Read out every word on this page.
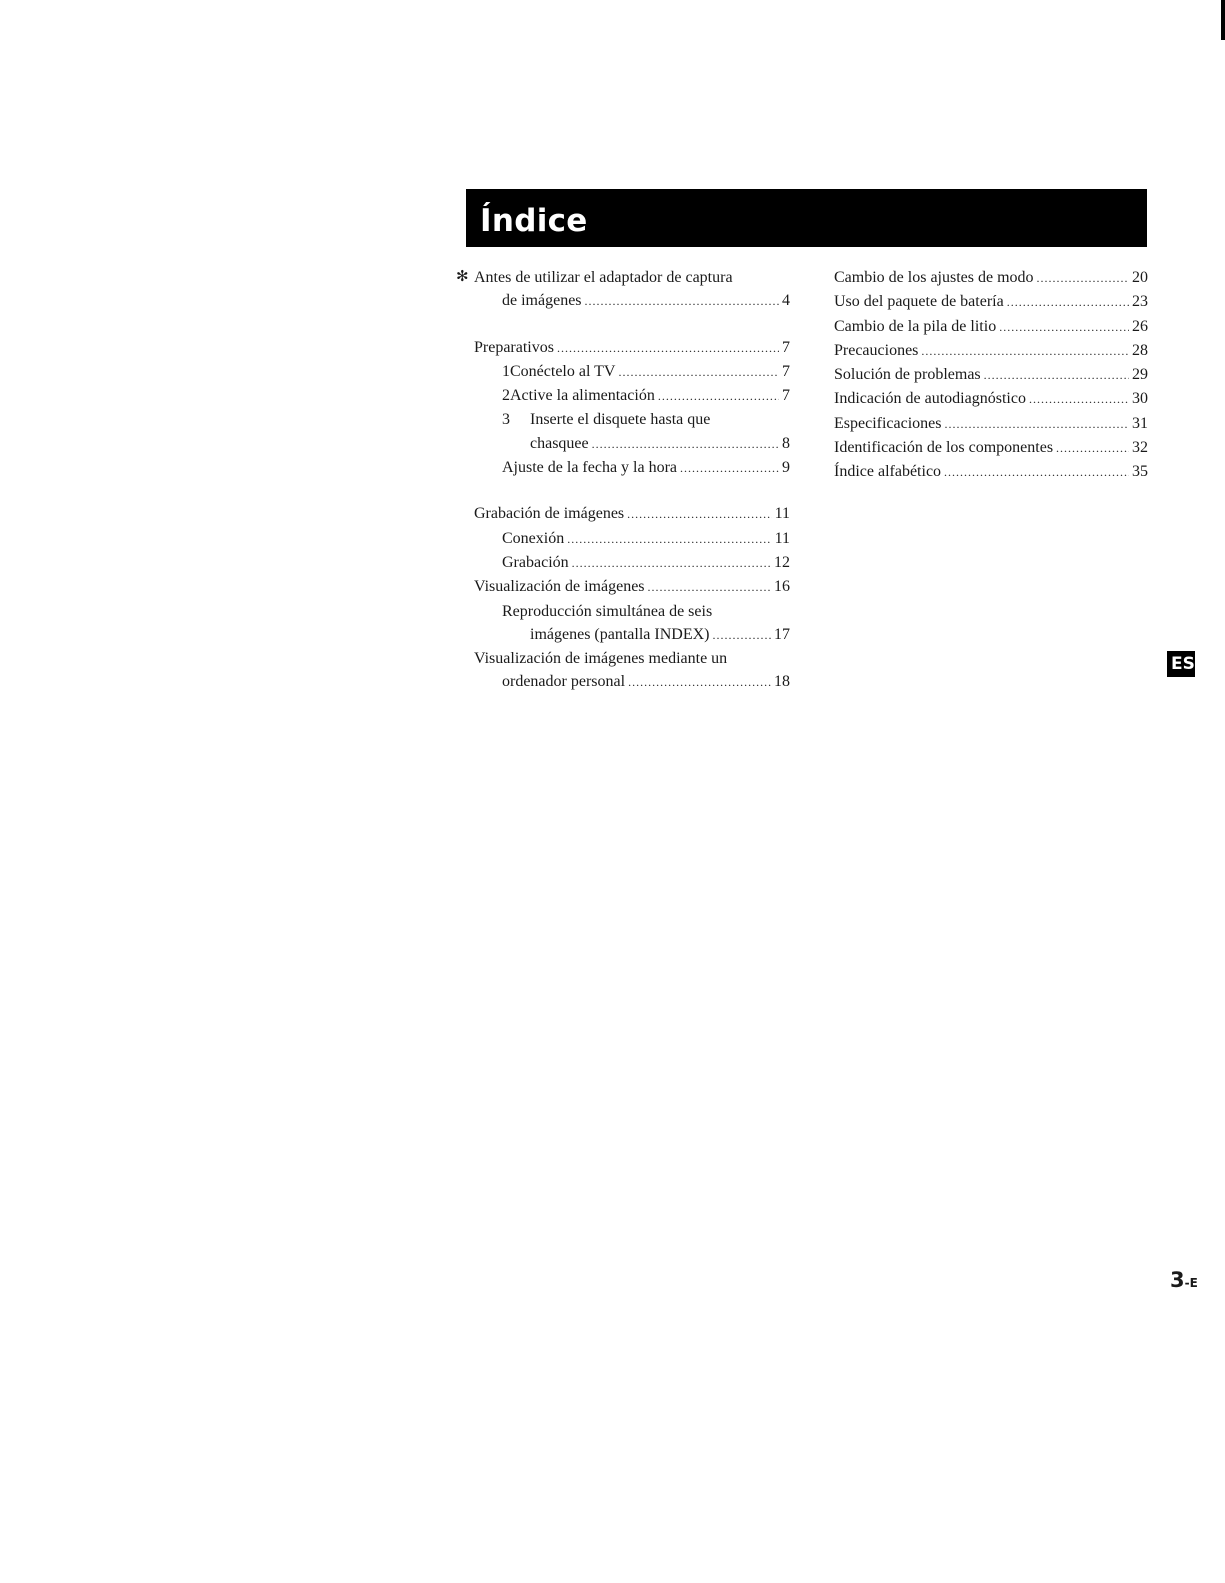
Índice
✻ Antes de utilizar el adaptador de captura
de imágenes .....	4
Preparativos .....	7
1 Conéctelo al TV .....	7
2 Active la alimentación .....	7
3	Inserte el disquete hasta que
chasquee .....	8
Ajuste de la fecha y la hora .....	9
Grabación de imágenes .....	11
Conexión .....	11
Grabación .....	12
Visualización de imágenes .....	16
Reproducción simultánea de seis
imágenes (pantalla INDEX) .....	17
Visualización de imágenes mediante un
ordenador personal .....	18
Cambio de los ajustes de modo .....	20
Uso del paquete de batería .....	23
Cambio de la pila de litio .....	26
Precauciones .....	28
Solución de problemas .....	29
Indicación de autodiagnóstico .....	30
Especificaciones .....	31
Identificación de los componentes .....	32
Índice alfabético .....	35
ES
3-E
